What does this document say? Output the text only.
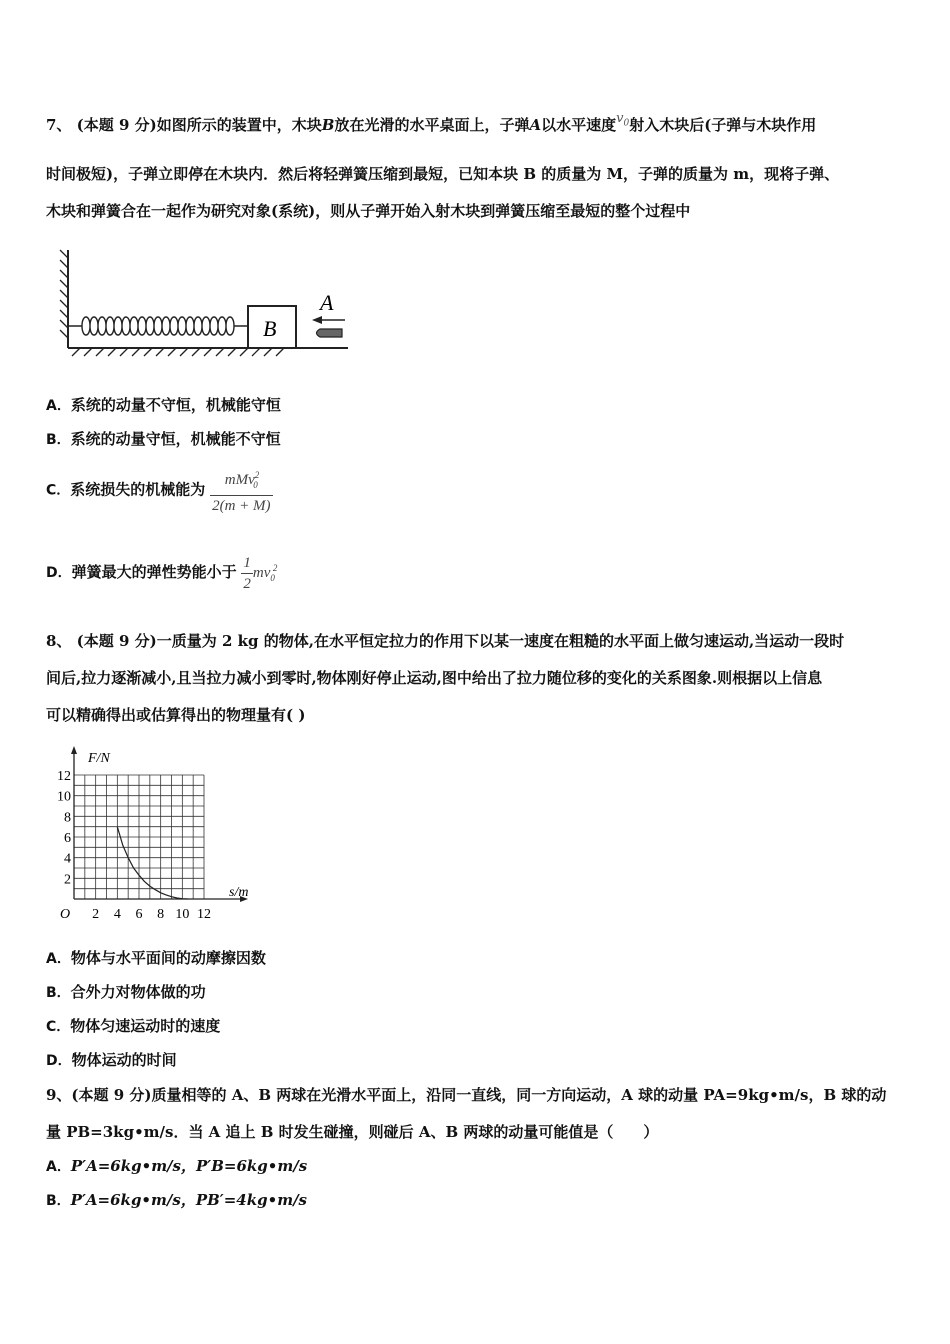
7、 (本题 9 分)如图所示的装置中，木块B放在光滑的水平桌面上，子弹A以水平速度$v_0$射入木块后(子弹与木块作用
时间极短)，子弹立即停在木块内．然后将轻弹簧压缩到最短，已知本块 B 的质量为 M，子弹的质量为 m，现将子弹、
木块和弹簧合在一起作为研究对象(系统)，则从子弹开始入射木块到弹簧压缩至最短的整个过程中
B
A
A．系统的动量不守恒，机械能守恒
B．系统的动量守恒，机械能不守恒
C．系统损失的机械能为 $\frac{mMv^2_0}{2(m + M)}$
D．弹簧最大的弹性势能小于 $\frac{1}{2} mv_0^2$
8、 (本题 9 分)一质量为 2 kg 的物体,在水平恒定拉力的作用下以某一速度在粗糙的水平面上做匀速运动,当运动一段时
间后,拉力逐渐减小,且当拉力减小到零时,物体刚好停止运动,图中给出了拉力随位移的变化的关系图象.则根据以上信息
可以精确得出或估算得出的物理量有( )
2 4 6 8 10 12
2
4
6
8
10
12
F/N
s/m
O
A．物体与水平面间的动摩擦因数
B．合外力对物体做的功
C．物体匀速运动时的速度
D．物体运动的时间
9、(本题 9 分)质量相等的 A、B 两球在光滑水平面上，沿同一直线，同一方向运动，A 球的动量 PA=9kg•m/s，B 球的动
量 PB=3kg•m/s．当 A 追上 B 时发生碰撞，则碰后 A、B 两球的动量可能值是（　　）
A．P′A=6kg•m/s，P′B=6kg•m/s
B．P′A=6kg•m/s，PB′=4kg•m/s
